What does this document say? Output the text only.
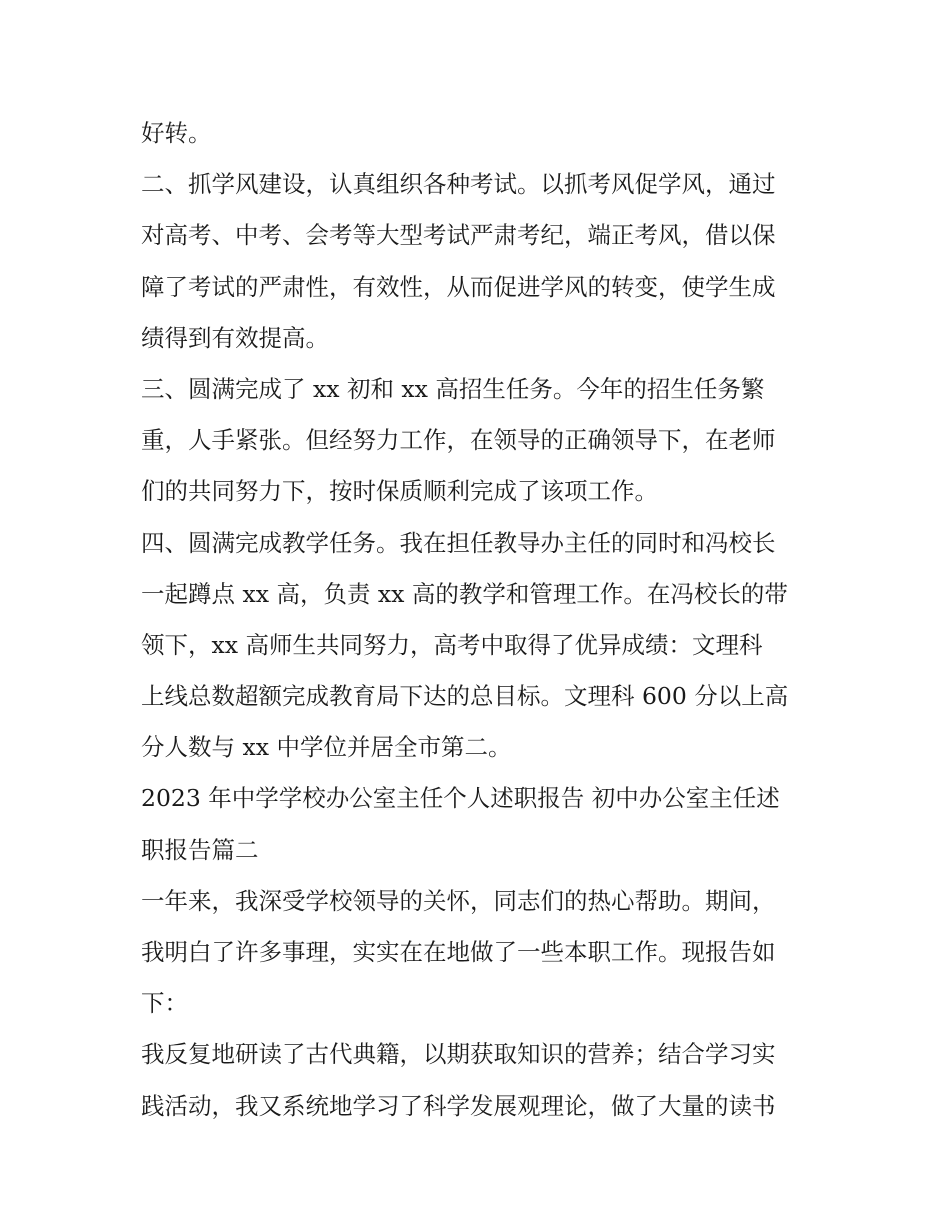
好转。
二、抓学风建设，认真组织各种考试。以抓考风促学风，通过
对高考、中考、会考等大型考试严肃考纪，端正考风，借以保
障了考试的严肃性，有效性，从而促进学风的转变，使学生成
绩得到有效提高。
三、圆满完成了 xx 初和 xx 高招生任务。今年的招生任务繁
重，人手紧张。但经努力工作，在领导的正确领导下，在老师
们的共同努力下，按时保质顺利完成了该项工作。
四、圆满完成教学任务。我在担任教导办主任的同时和冯校长
一起蹲点 xx 高，负责 xx 高的教学和管理工作。在冯校长的带
领下，xx 高师生共同努力，高考中取得了优异成绩：文理科
上线总数超额完成教育局下达的总目标。文理科 600 分以上高
分人数与 xx 中学位并居全市第二。
2023 年中学学校办公室主任个人述职报告 初中办公室主任述
职报告篇二
一年来，我深受学校领导的关怀，同志们的热心帮助。期间，
我明白了许多事理，实实在在地做了一些本职工作。现报告如
下：
我反复地研读了古代典籍，以期获取知识的营养；结合学习实
践活动，我又系统地学习了科学发展观理论，做了大量的读书
